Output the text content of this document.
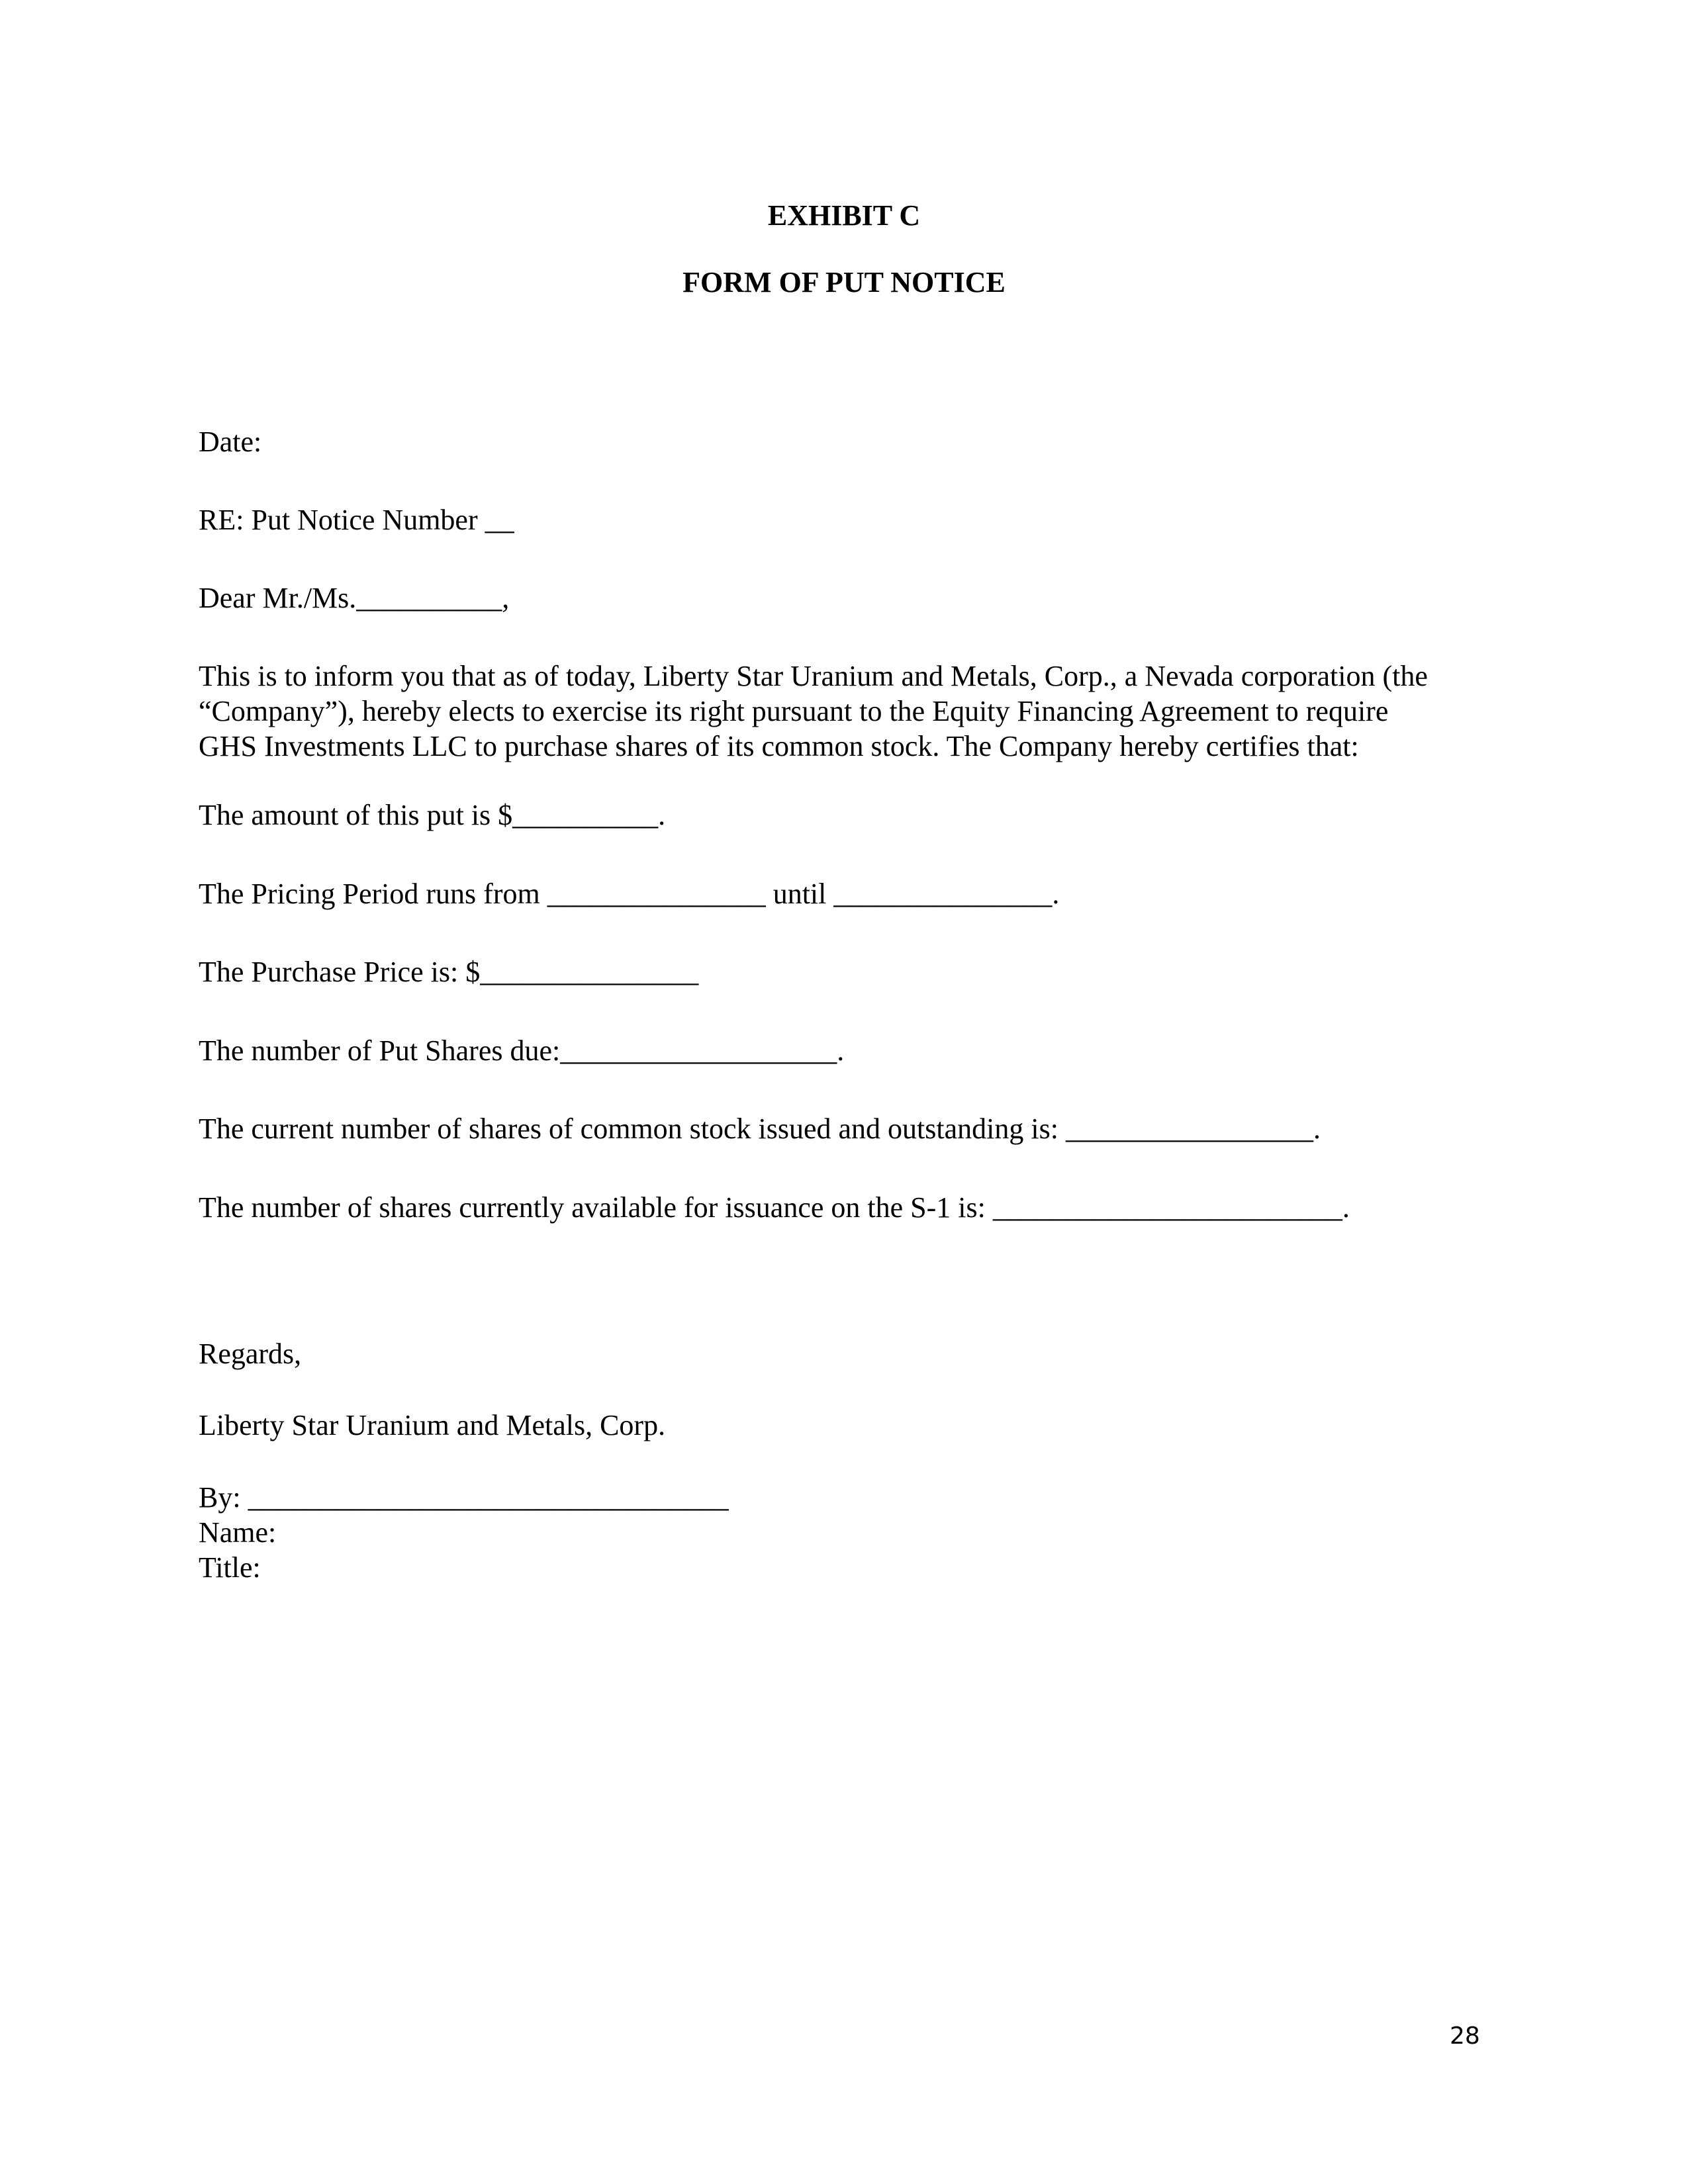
EXHIBIT C
FORM OF PUT NOTICE
Date:
RE: Put Notice Number __
Dear Mr./Ms.__________,
This is to inform you that as of today, Liberty Star Uranium and Metals, Corp., a Nevada corporation (the
“Company”), hereby elects to exercise its right pursuant to the Equity Financing Agreement to require
GHS Investments LLC to purchase shares of its common stock. The Company hereby certifies that:
The amount of this put is $__________.
The Pricing Period runs from _______________ until _______________.
The Purchase Price is: $_______________
The number of Put Shares due:___________________.
The current number of shares of common stock issued and outstanding is: _________________.
The number of shares currently available for issuance on the S-1 is: ________________________.
Regards,
Liberty Star Uranium and Metals, Corp.
By: _________________________________
Name:
Title:
28
